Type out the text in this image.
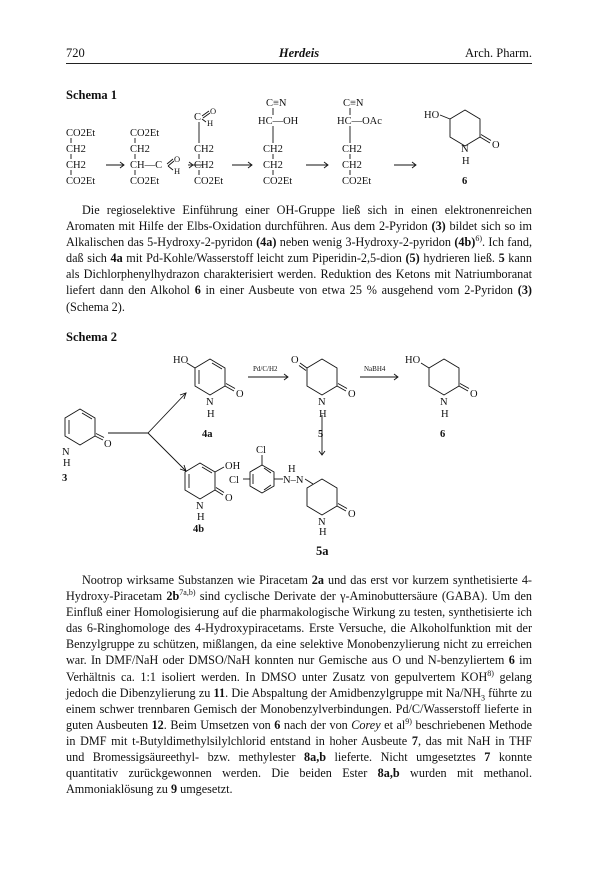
720	Herdeis	Arch. Pharm.
Schema 1
CO2Et
CH2
CH2
CO2Et
CO2Et
CH2
CH—C
O
H
CO2Et
C
O
H
CH2
CH2
CO2Et
C≡N
HC—OH
CH2
CH2
CO2Et
C≡N
HC—OAc
CH2
CH2
CO2Et
HO
N
H
O
6

Die regioselektive Einführung einer OH-Gruppe ließ sich in einen elektronenreichen Aromaten mit Hilfe der Elbs-Oxidation durchführen. Aus dem 2-Pyridon (3) bildet sich so im Alkalischen das 5-Hydroxy-2-pyridon (4a) neben wenig 3-Hydroxy-2-pyridon $(4b)^{6)}$. Ich fand, daß sich 4a mit Pd-Kohle/Wasserstoff leicht zum Piperidin-2,5-dion (5) hydrieren ließ. 5 kann als Dichlorphenylhydrazon charakterisiert werden. Reduktion des Ketons mit Natriumboranat liefert dann den Alkohol 6 in einer Ausbeute von etwa 25 % ausgehend vom 2-Pyridon (3) (Schema 2).

Schema 2
HO
N
H
O
4a
Pd/C/H2	NaBH4
O
N
H
O
5
HO
N
H
O
6
N
H
O
3
OH
N
H
O
4b
Cl
Cl	N–N
H
N
H
O
5a

Nootrop wirksame Substanzen wie Piracetam 2a und das erst vor kurzem synthetisierte 4-Hydroxy-Piracetam $2b^{7a,b)}$ sind cyclische Derivate der γ-Aminobuttersäure (GABA). Um den Einfluß einer Homologisierung auf die pharmakologische Wirkung zu testen, synthetisierte ich das 6-Ringhomologe des 4-Hydroxypiracetams. Erste Versuche, die Alkoholfunktion mit der Benzylgruppe zu schützen, mißlangen, da eine selektive Monobenzylierung nicht zu erreichen war. In DMF/NaH oder DMSO/NaH konnten nur Gemische aus O und N-benzyliertem 6 im Verhältnis ca. 1:1 isoliert werden. In DMSO unter Zusatz von gepulvertem KOH$^{8)}$ gelang jedoch die Dibenzylierung zu 11. Die Abspaltung der Amidbenzylgruppe mit $Na/NH_3$ führte zu einem schwer trennbaren Gemisch der Monobenzylverbindungen. Pd/C/Wasserstoff lieferte in guten Ausbeuten 12. Beim Umsetzen von 6 nach der von Corey et $al^{9)}$ beschriebenen Methode in DMF mit t-Butyldimethylsilylchlorid entstand in hoher Ausbeute 7, das mit NaH in THF und Bromessigsäureethyl- bzw. methylester 8a,b lieferte. Nicht umgesetztes 7 konnte quantitativ zurückgewonnen werden. Die beiden Ester 8a,b wurden mit methanol. Ammoniaklösung zu 9 umgesetzt.
